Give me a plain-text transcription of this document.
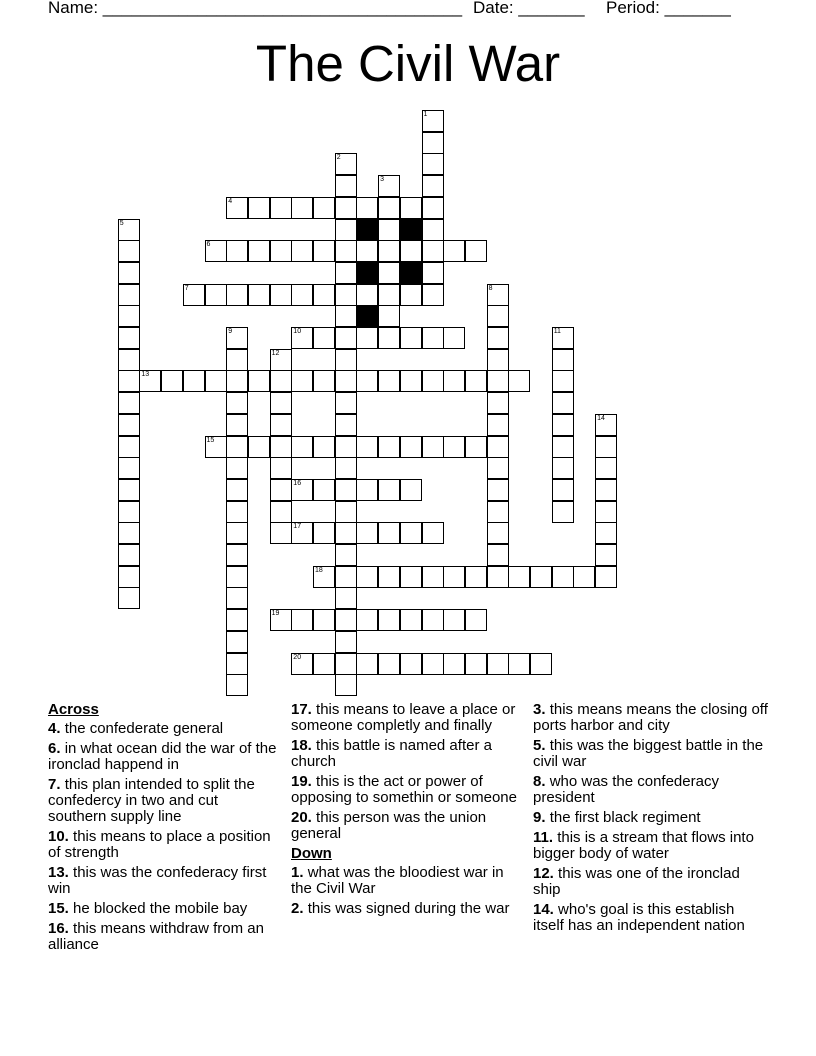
Name: ______________________________________ Date: _______ Period: _______
The Civil War
1
2
3
4
5
6
7	8
9	10	11
12
13
14
15
16
17
18
19
20
Across
4. the confederate general
6. in what ocean did the war of the ironclad happend in
7. this plan intended to split the confedercy in two and cut southern supply line
10. this means to place a position of strength
13. this was the confederacy first win
15. he blocked the mobile bay
16. this means withdraw from an alliance
17. this means to leave a place or someone completly and finally
18. this battle is named after a church
19. this is the act or power of opposing to somethin or someone
20. this person was the union general
Down
1. what was the bloodiest war in the Civil War
2. this was signed during the war
3. this means means the closing off ports harbor and city
5. this was the biggest battle in the civil war
8. who was the confederacy president
9. the first black regiment
11. this is a stream that flows into bigger body of water
12. this was one of the ironclad ship
14. who's goal is this establish itself has an independent nation
